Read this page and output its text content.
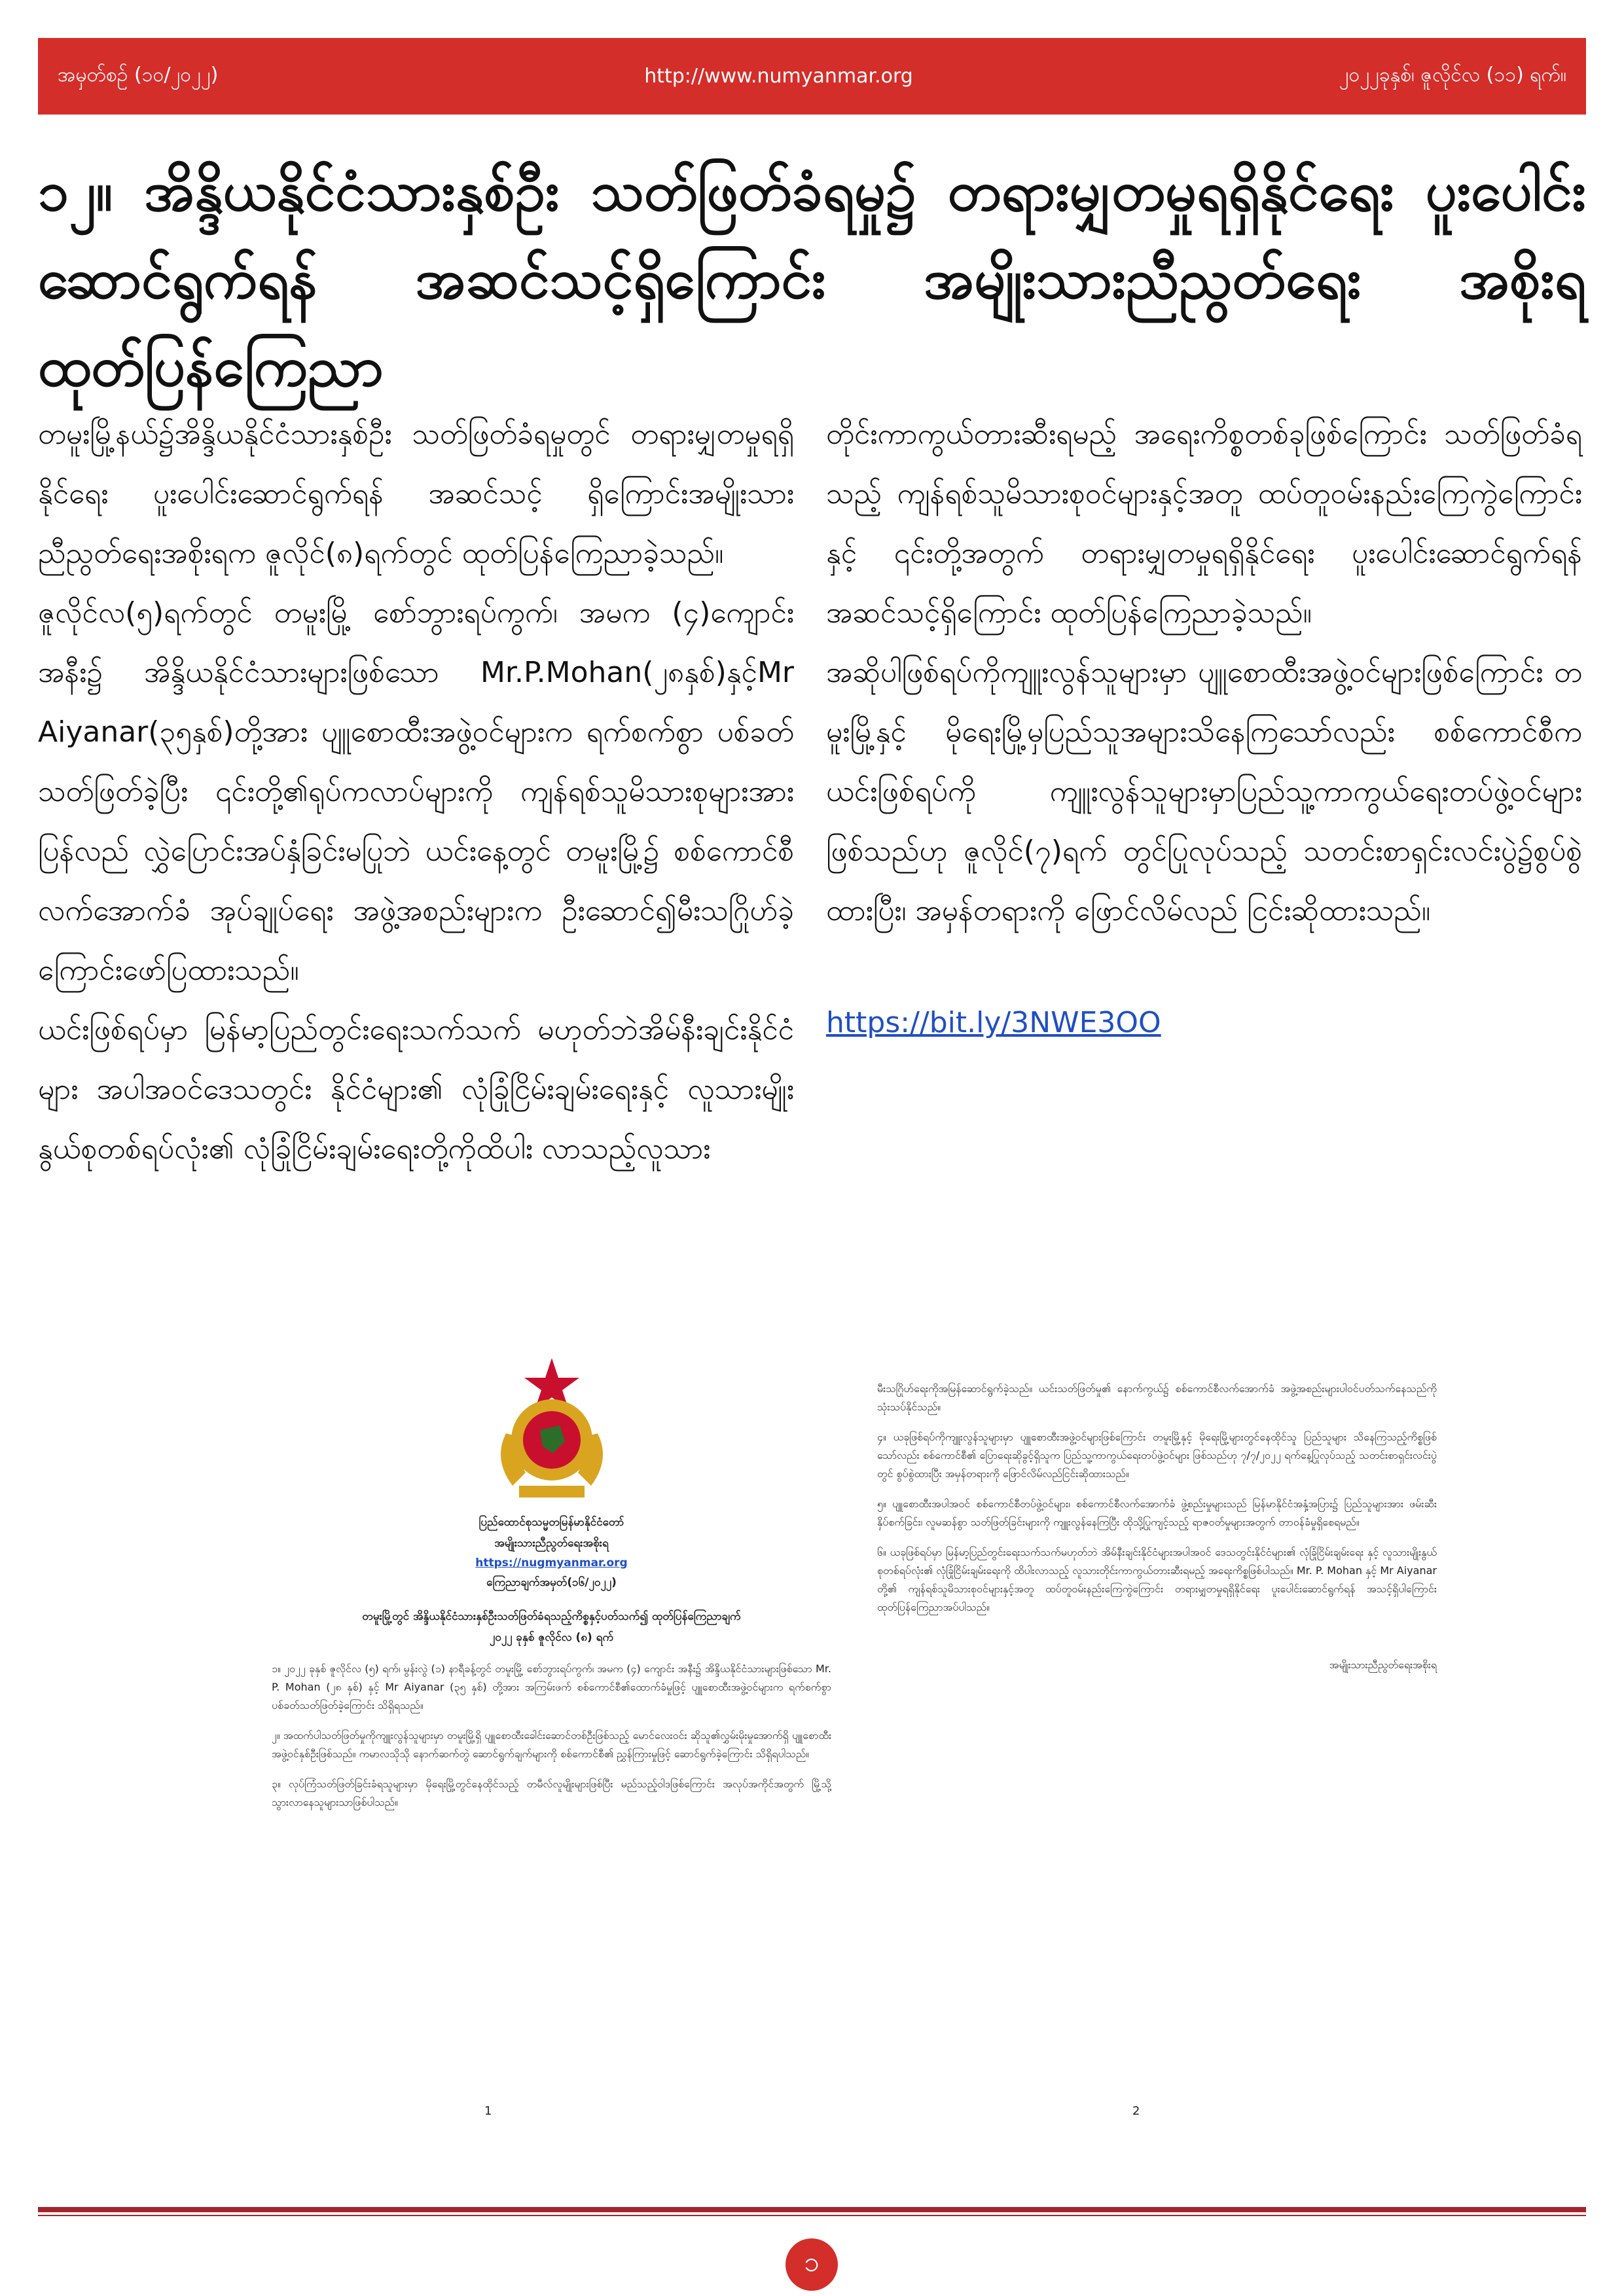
အမှတ်စဉ် (၁၀/၂၀၂၂)	http://www.numyanmar.org	၂၀၂၂ခုနှစ်၊ ဇူလိုင်လ (၁၁) ရက်။
၁၂။ အိန္ဒိယနိုင်ငံသားနှစ်ဦး သတ်ဖြတ်ခံရမှု၌ တရားမျှတမှုရရှိနိုင်ရေး ပူးပေါင်းဆောင်ရွက်ရန် အဆင်သင့်ရှိကြောင်း အမျိုးသားညီညွတ်ရေး အစိုးရထုတ်ပြန်ကြေညာ

တမူးမြို့နယ်၌အိန္ဒိယနိုင်ငံသားနှစ်ဦး သတ်ဖြတ်ခံရမှုတွင် တရားမျှတမှုရရှိနိုင်ရေး ပူးပေါင်းဆောင်ရွက်ရန် အဆင်သင့် ရှိကြောင်းအမျိုးသားညီညွတ်ရေးအစိုးရက ဇူလိုင်(၈)ရက်တွင် ထုတ်ပြန်ကြေညာခဲ့သည်။

ဇူလိုင်လ(၅)ရက်တွင် တမူးမြို့ စော်ဘွားရပ်ကွက်၊ အမက (၄)ကျောင်း အနီး၌ အိန္ဒိယနိုင်ငံသားများဖြစ်သော Mr.P.Mohan(၂၈နှစ်)နှင့်Mr Aiyanar(၃၅နှစ်)တို့အား ပျူစောထီးအဖွဲ့ဝင်များက ရက်စက်စွာ ပစ်ခတ်သတ်ဖြတ်ခဲ့ပြီး ၎င်းတို့၏ရုပ်ကလာပ်များကို ကျန်ရစ်သူမိသားစုများအား ပြန်လည် လွှဲပြောင်းအပ်နှံခြင်းမပြုဘဲ ယင်းနေ့တွင် တမူးမြို့၌ စစ်ကောင်စီလက်အောက်ခံ အုပ်ချုပ်ရေး အဖွဲ့အစည်းများက ဦးဆောင်၍မီးသဂြိုဟ်ခဲ့ကြောင်းဖော်ပြထားသည်။

ယင်းဖြစ်ရပ်မှာ မြန်မာ့ပြည်တွင်းရေးသက်သက် မဟုတ်ဘဲအိမ်နီးချင်းနိုင်ငံများ အပါအဝင်ဒေသတွင်း နိုင်ငံများ၏ လုံခြုံငြိမ်းချမ်းရေးနှင့် လူသားမျိုးနွယ်စုတစ်ရပ်လုံး၏ လုံခြုံငြိမ်းချမ်းရေးတို့ကိုထိပါး လာသည့်လူသား

တိုင်းကာကွယ်တားဆီးရမည့် အရေးကိစ္စတစ်ခုဖြစ်ကြောင်း သတ်ဖြတ်ခံရသည့် ကျန်ရစ်သူမိသားစုဝင်များနှင့်အတူ ထပ်တူဝမ်းနည်းကြေကွဲကြောင်းနှင့် ၎င်းတို့အတွက် တရားမျှတမှုရရှိနိုင်ရေး ပူးပေါင်းဆောင်ရွက်ရန်အဆင်သင့်ရှိကြောင်း ထုတ်ပြန်ကြေညာခဲ့သည်။

အဆိုပါဖြစ်ရပ်ကိုကျူးလွန်သူများမှာ ပျူစောထီးအဖွဲ့ဝင်များဖြစ်ကြောင်း တမူးမြို့နှင့် မိုရေးမြို့မှပြည်သူအများသိနေကြသော်လည်း စစ်ကောင်စီက ယင်းဖြစ်ရပ်ကို ကျူးလွန်သူများမှာပြည်သူ့ကာကွယ်ရေးတပ်ဖွဲ့ဝင်များ ဖြစ်သည်ဟု ဇူလိုင်(၇)ရက် တွင်ပြုလုပ်သည့် သတင်းစာရှင်းလင်းပွဲ၌စွပ်စွဲထားပြီး၊ အမှန်တရားကို ဖြောင်လိမ်လည် ငြင်းဆိုထားသည်။

https://bit.ly/3NWE3OO

ပြည်ထောင်စုသမ္မတမြန်မာနိုင်ငံတော်
အမျိုးသားညီညွတ်ရေးအစိုးရ
https://nugmyanmar.org
ကြေညာချက်အမှတ်(၁၆/၂၀၂၂)
တမူးမြို့တွင် အိန္ဒိယနိုင်ငံသားနှစ်ဦးသတ်ဖြတ်ခံရသည့်ကိစ္စနှင့်ပတ်သက်၍ ထုတ်ပြန်ကြေညာချက်
၂၀၂၂ ခုနှစ် ဇူလိုင်လ (၈) ရက်

၁။ ၂၀၂၂ ခုနှစ် ဇူလိုင်လ (၅) ရက်၊ မွန်းလွဲ (၁) နာရီခန့်တွင် တမူးမြို့ စော်ဘွားရပ်ကွက်၊ အမက (၄) ကျောင်း အနီး၌ အိန္ဒိယနိုင်ငံသားများဖြစ်သော Mr. P. Mohan (၂၈ နှစ်) နှင့် Mr Aiyanar (၃၅ နှစ်) တို့အား အကြမ်းဖက် စစ်ကောင်စီ၏ထောက်ခံမှုဖြင့် ပျူစောထီးအဖွဲ့ဝင်များက ရက်စက်စွာ ပစ်ခတ်သတ်ဖြတ်ခဲ့ကြောင်း သိရှိရသည်။

၂။ အထက်ပါသတ်ဖြတ်မှုကိုကျူးလွန်သူများမှာ တမူးမြို့ရှိ ပျူစောထီးခေါင်းဆောင်တစ်ဦးဖြစ်သည့် မောင်လေးဝင်း ဆိုသူ၏လွှမ်းမိုးမှုအောက်ရှိ ပျူစောထီးအဖွဲ့ဝင်နှစ်ဦးဖြစ်သည်။ ကမာလသိုသို နောက်ဆက်တွဲ ဆောင်ရွက်ချက်များကို စစ်ကောင်စီ၏ ညွှန်ကြားမှုဖြင့် ဆောင်ရွက်ခဲ့ကြောင်း သိရှိရပါသည်။

၃။ လုပ်ကြံသတ်ဖြတ်ခြင်းခံရသူများမှာ မိုရေးမြို့တွင်နေထိုင်သည့် တမီလ်လူမျိုးများဖြစ်ပြီး မည်သည့်ဝါဒဖြစ်ကြောင်း အလုပ်အကိုင်အတွက် မြို့သို့ သွားလာနေသူများသာဖြစ်ပါသည်။

1

မီးသဂြိုဟ်ရေးကိုအမြန်ဆောင်ရွက်ခဲ့သည်။ ယင်းသတ်ဖြတ်မှု၏ နောက်ကွယ်၌ စစ်ကောင်စီလက်အောက်ခံ အဖွဲ့အစည်းများပါဝင်ပတ်သက်နေသည်ကို သုံးသပ်နိုင်သည်။

၄။ ယခုဖြစ်ရပ်ကိုကျူးလွန်သူများမှာ ပျူစောထီးအဖွဲ့ဝင်များဖြစ်ကြောင်း တမူးမြို့နှင့် မိုရေးမြို့များတွင်နေထိုင်သူ ပြည်သူများ သိနေကြသည့်ကိစ္စဖြစ်သော်လည်း စစ်ကောင်စီ၏ ပြောရေးဆိုခွင့်ရှိသူက ပြည်သူ့ကာကွယ်ရေးတပ်ဖွဲ့ဝင်များ ဖြစ်သည်ဟု ၇/၇/၂၀၂၂ ရက်နေ့ပြုလုပ်သည့် သတင်းစာရှင်းလင်းပွဲတွင် စွပ်စွဲထားပြီး အမှန်တရားကို ဖြောင်လိမ်လည်ငြင်းဆိုထားသည်။

၅။ ပျူစောထီးအပါအဝင် စစ်ကောင်စီတပ်ဖွဲ့ဝင်များ၊ စစ်ကောင်စီလက်အောက်ခံ ဖွဲ့စည်းမှုများသည် မြန်မာနိုင်ငံအနှံ့အပြား၌ ပြည်သူများအား ဖမ်းဆီးနှိပ်စက်ခြင်း၊ လူမဆန်စွာ သတ်ဖြတ်ခြင်းများကို ကျူးလွန်နေကြပြီး ထိုသို့ပြုကျင့်သည့် ရာဇဝတ်မှုများအတွက် တာဝန်ခံမှုရှိစေရမည်။

၆။ ယခုဖြစ်ရပ်မှာ မြန်မာ့ပြည်တွင်းရေးသက်သက်မဟုတ်ဘဲ အိမ်နီးချင်းနိုင်ငံများအပါအဝင် ဒေသတွင်းနိုင်ငံများ၏ လုံခြုံငြိမ်းချမ်းရေး နှင့် လူသားမျိုးနွယ်စုတစ်ရပ်လုံး၏ လုံခြုံငြိမ်းချမ်းရေးကို ထိပါးလာသည့် လူသားတိုင်းကာကွယ်တားဆီးရမည့် အရေးကိစ္စဖြစ်ပါသည်။ Mr. P. Mohan နှင့် Mr Aiyanar တို့၏ ကျန်ရစ်သူမိသားစုဝင်များနှင့်အတူ ထပ်တူဝမ်းနည်းကြေကွဲကြောင်း တရားမျှတမှုရရှိနိုင်ရေး ပူးပေါင်းဆောင်ရွက်ရန် အသင့်ရှိပါကြောင်း ထုတ်ပြန်ကြေညာအပ်ပါသည်။

အမျိုးသားညီညွတ်ရေးအစိုးရ

2
၁
